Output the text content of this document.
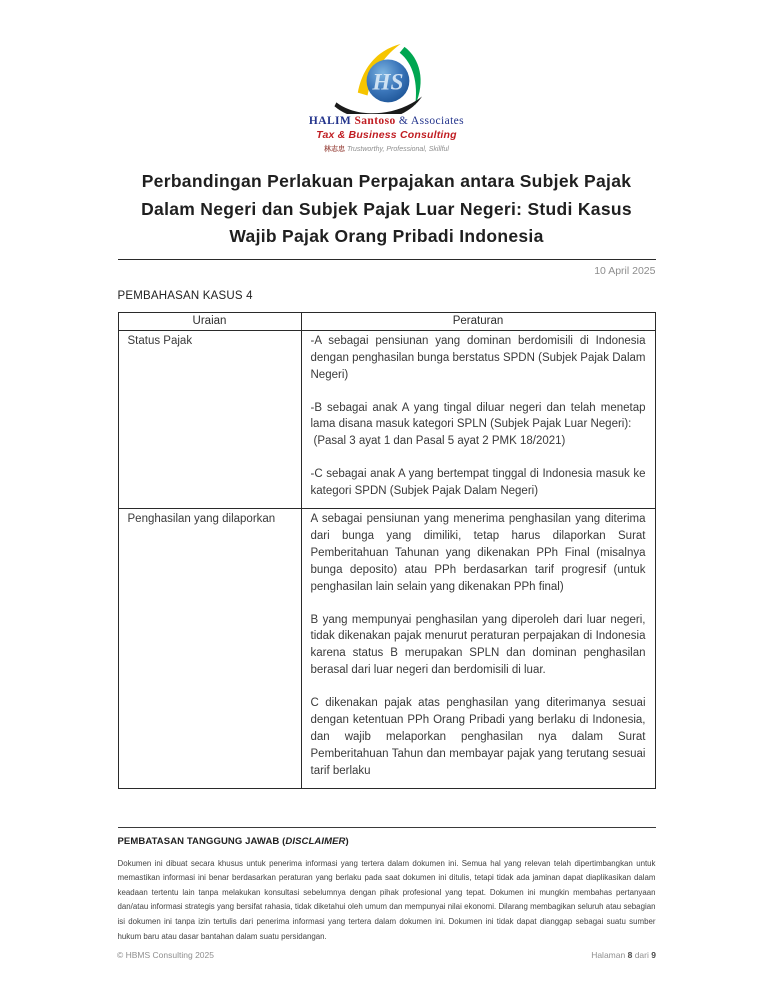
HS
HALIM Santoso & Associates
Tax & Business Consulting
林志忠 Trustworthy, Professional, Skillful
Perbandingan Perlakuan Perpajakan antara Subjek Pajak Dalam Negeri dan Subjek Pajak Luar Negeri: Studi Kasus Wajib Pajak Orang Pribadi Indonesia
10 April 2025
PEMBAHASAN KASUS 4
Uraian	Peraturan
Status Pajak	-A sebagai pensiunan yang dominan berdomisili di Indonesia dengan penghasilan bunga berstatus SPDN (Subjek Pajak Dalam Negeri)

-B sebagai anak A yang tingal diluar negeri dan telah menetap lama disana masuk kategori SPLN (Subjek Pajak Luar Negeri):

(Pasal 3 ayat 1 dan Pasal 5 ayat 2 PMK 18/2021)

-C sebagai anak A yang bertempat tinggal di Indonesia masuk ke kategori SPDN (Subjek Pajak Dalam Negeri)

Penghasilan yang dilaporkan	A sebagai pensiunan yang menerima penghasilan yang diterima dari bunga yang dimiliki, tetap harus dilaporkan Surat Pemberitahuan Tahunan yang dikenakan PPh Final (misalnya bunga deposito) atau PPh berdasarkan tarif progresif (untuk penghasilan lain selain yang dikenakan PPh final)

B yang mempunyai penghasilan yang diperoleh dari luar negeri, tidak dikenakan pajak menurut peraturan perpajakan di Indonesia karena status B merupakan SPLN dan dominan penghasilan berasal dari luar negeri dan berdomisili di luar.

C dikenakan pajak atas penghasilan yang diterimanya sesuai dengan ketentuan PPh Orang Pribadi yang berlaku di Indonesia, dan wajib melaporkan penghasilan nya dalam Surat Pemberitahuan Tahun dan membayar pajak yang terutang sesuai tarif berlaku

PEMBATASAN TANGGUNG JAWAB (DISCLAIMER)

Dokumen ini dibuat secara khusus untuk penerima informasi yang tertera dalam dokumen ini. Semua hal yang relevan telah dipertimbangkan untuk memastikan informasi ini benar berdasarkan peraturan yang berlaku pada saat dokumen ini ditulis, tetapi tidak ada jaminan dapat diaplikasikan dalam keadaan tertentu lain tanpa melakukan konsultasi sebelumnya dengan pihak profesional yang tepat. Dokumen ini mungkin membahas pertanyaan dan/atau informasi strategis yang bersifat rahasia, tidak diketahui oleh umum dan mempunyai nilai ekonomi. Dilarang membagikan seluruh atau sebagian isi dokumen ini tanpa izin tertulis dari penerima informasi yang tertera dalam dokumen ini. Dokumen ini tidak dapat dianggap sebagai suatu sumber hukum baru atau dasar bantahan dalam suatu persidangan.

© HBMS Consulting 2025	Halaman 8 dari 9
